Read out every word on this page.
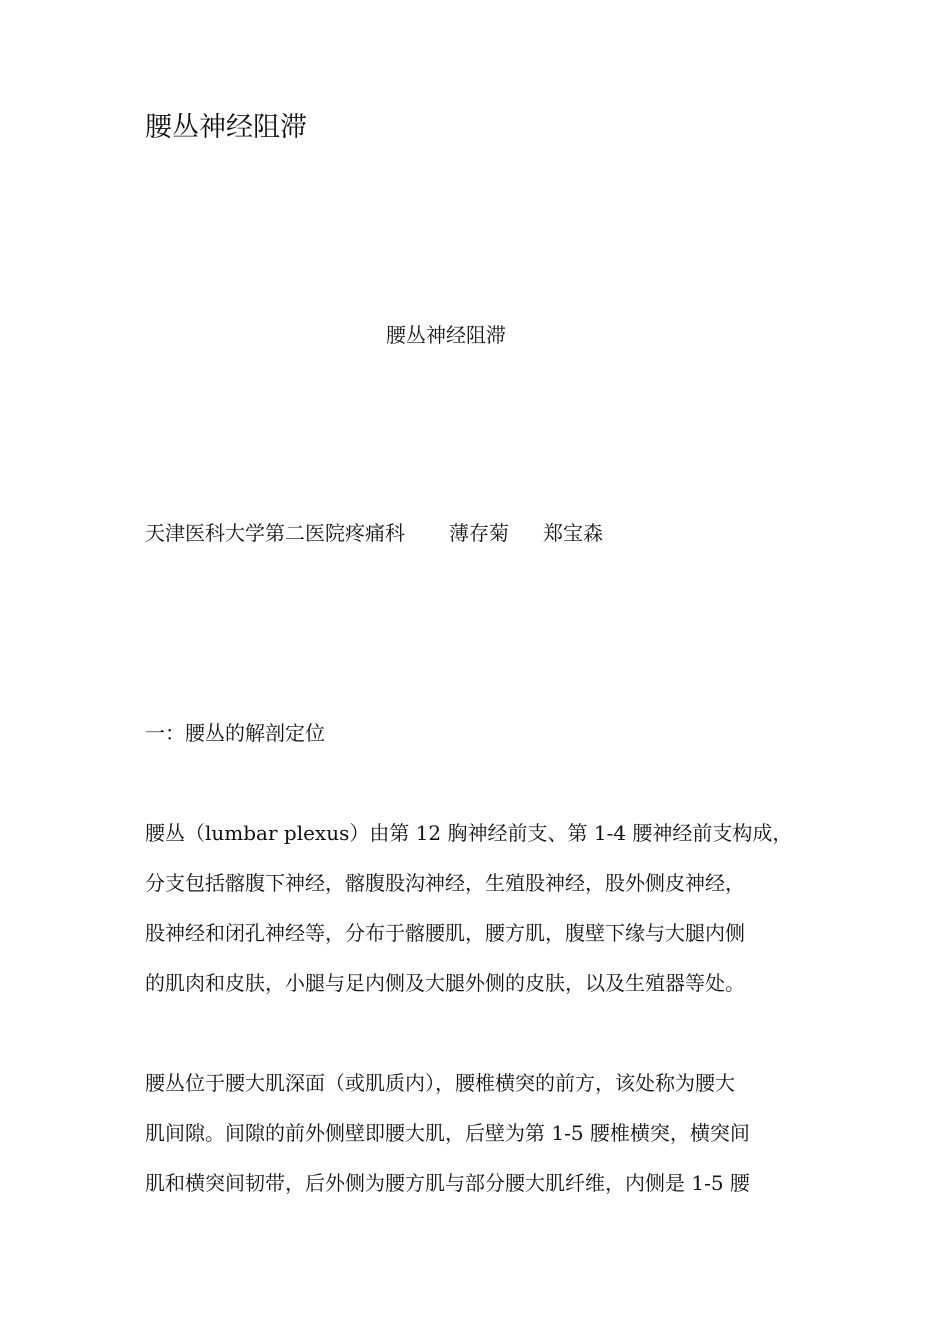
腰丛神经阻滞
腰丛神经阻滞
天津医科大学第二医院疼痛科 薄存菊 郑宝森
一：腰丛的解剖定位
腰丛（lumbar plexus）由第 12 胸神经前支、第 1-4 腰神经前支构成，
分支包括髂腹下神经，髂腹股沟神经，生殖股神经，股外侧皮神经，
股神经和闭孔神经等，分布于髂腰肌，腰方肌，腹壁下缘与大腿内侧
的肌肉和皮肤，小腿与足内侧及大腿外侧的皮肤，以及生殖器等处。
腰丛位于腰大肌深面（或肌质内），腰椎横突的前方，该处称为腰大
肌间隙。间隙的前外侧壁即腰大肌，后壁为第 1-5 腰椎横突，横突间
肌和横突间韧带，后外侧为腰方肌与部分腰大肌纤维，内侧是 1-5 腰
